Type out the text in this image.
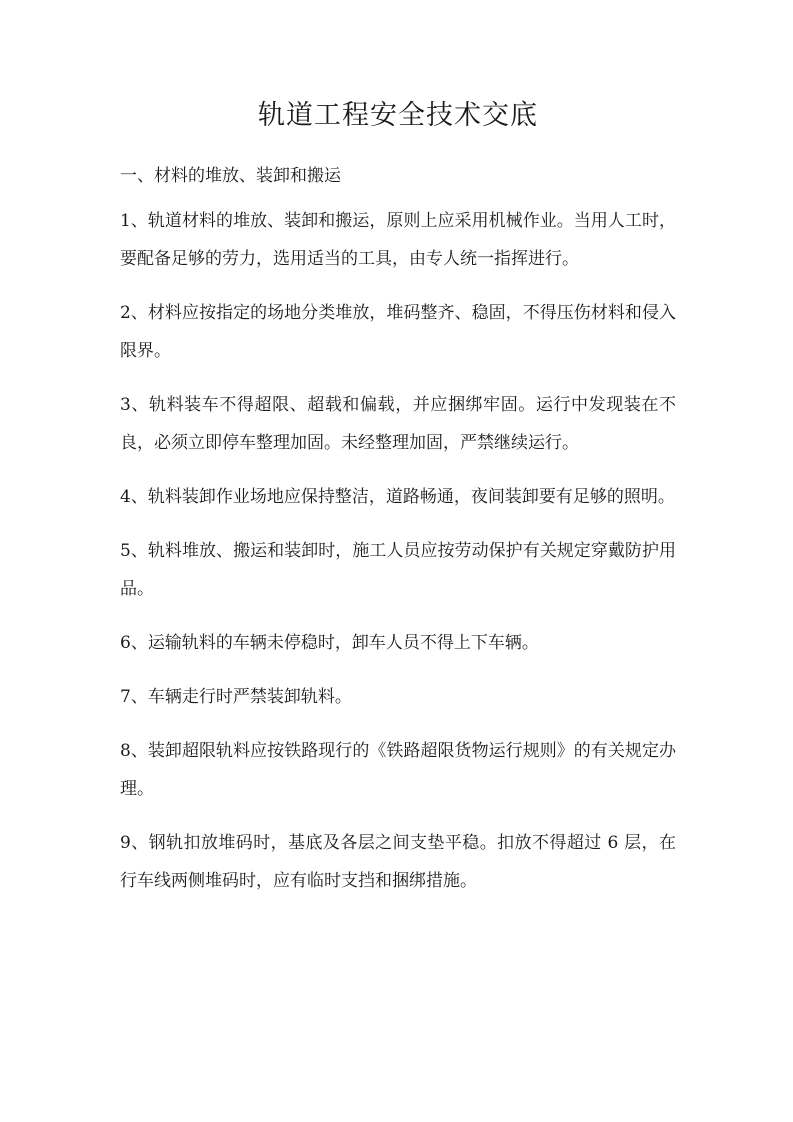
轨道工程安全技术交底
一、材料的堆放、装卸和搬运

1、轨道材料的堆放、装卸和搬运，原则上应采用机械作业。当用人工时，要配备足够的劳力，选用适当的工具，由专人统一指挥进行。

2、材料应按指定的场地分类堆放，堆码整齐、稳固，不得压伤材料和侵入限界。

3、轨料装车不得超限、超载和偏载，并应捆绑牢固。运行中发现装在不良，必须立即停车整理加固。未经整理加固，严禁继续运行。

4、轨料装卸作业场地应保持整洁，道路畅通，夜间装卸要有足够的照明。

5、轨料堆放、搬运和装卸时，施工人员应按劳动保护有关规定穿戴防护用品。

6、运输轨料的车辆未停稳时，卸车人员不得上下车辆。

7、车辆走行时严禁装卸轨料。

8、装卸超限轨料应按铁路现行的《铁路超限货物运行规则》的有关规定办理。

9、钢轨扣放堆码时，基底及各层之间支垫平稳。扣放不得超过 6 层，在行车线两侧堆码时，应有临时支挡和捆绑措施。
